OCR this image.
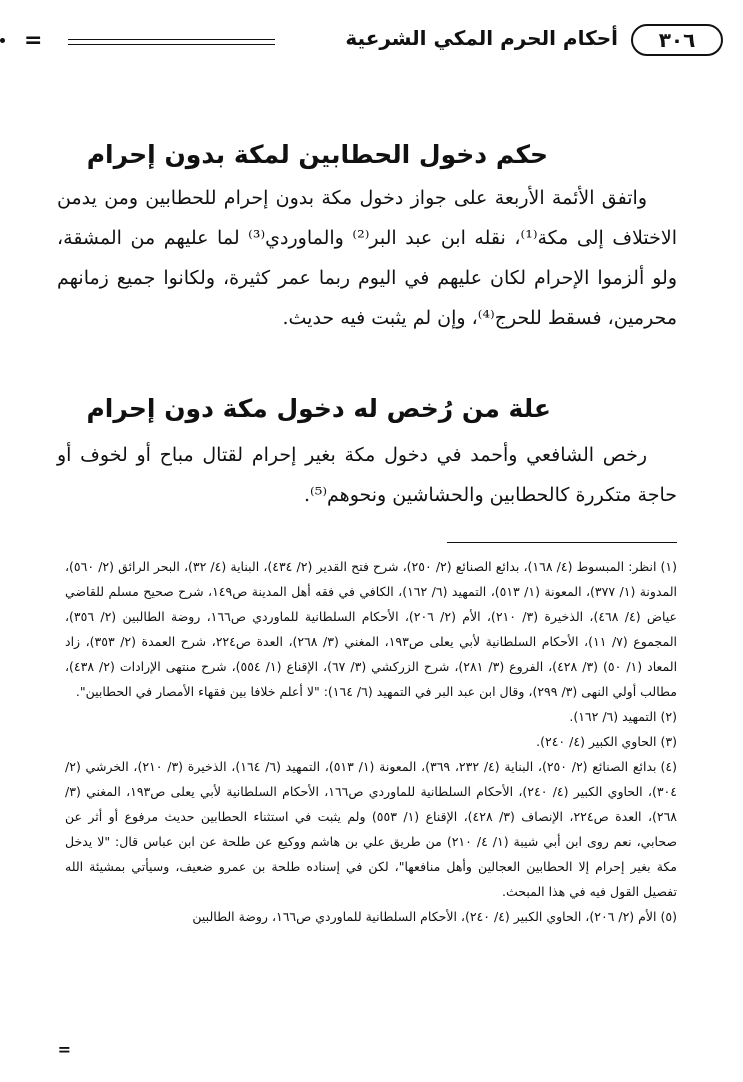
٣٠٦
أحكام الحرم المكي الشرعية
=
حكم دخول الحطابين لمكة بدون إحرام

واتفق الأئمة الأربعة على جواز دخول مكة بدون إحرام للحطابين ومن يدمن الاختلاف إلى مكة⁽¹⁾، نقله ابن عبد البر⁽²⁾ والماوردي⁽³⁾ لما عليهم من المشقة، ولو ألزموا الإحرام لكان عليهم في اليوم ربما عمر كثيرة، ولكانوا جميع زمانهم محرمين، فسقط للحرج⁽⁴⁾، وإن لم يثبت فيه حديث.

علة من رُخص له دخول مكة دون إحرام

رخص الشافعي وأحمد في دخول مكة بغير إحرام لقتال مباح أو لخوف أو حاجة متكررة كالحطابين والحشاشين ونحوهم⁽⁵⁾.

(١)انظر: المبسوط (٤/ ١٦٨)، بدائع الصنائع (٢/ ٢٥٠)، شرح فتح القدير (٢/ ٤٣٤)، البناية (٤/ ٣٢)، البحر الرائق (٢/ ٥٦٠)، المدونة (١/ ٣٧٧)، المعونة (١/ ٥١٣)، التمهيد (٦/ ١٦٢)، الكافي في فقه أهل المدينة ص١٤٩، شرح صحيح مسلم للقاضي عياض (٤/ ٤٦٨)، الذخيرة (٣/ ٢١٠)، الأم (٢/ ٢٠٦)، الأحكام السلطانية للماوردي ص١٦٦، روضة الطالبين (٢/ ٣٥٦)، المجموع (٧/ ١١)، الأحكام السلطانية لأبي يعلى ص١٩٣، المغني (٣/ ٢٦٨)، العدة ص٢٢٤، شرح العمدة (٢/ ٣٥٣)، زاد المعاد (١/ ٥٠) (٣/ ٤٢٨)، الفروع (٣/ ٢٨١)، شرح الزركشي (٣/ ٦٧)، الإقناع (١/ ٥٥٤)، شرح منتهى الإرادات (٢/ ٤٣٨)، مطالب أولي النهى (٣/ ٢٩٩)، وقال ابن عبد البر في التمهيد (٦/ ١٦٤): "لا أعلم خلافا بين فقهاء الأمصار في الحطابين".

(٢)التمهيد (٦/ ١٦٢).

(٣)الحاوي الكبير (٤/ ٢٤٠).

(٤)بدائع الصنائع (٢/ ٢٥٠)، البناية (٤/ ٢٣٢، ٣٦٩)، المعونة (١/ ٥١٣)، التمهيد (٦/ ١٦٤)، الذخيرة (٣/ ٢١٠)، الخرشي (٢/ ٣٠٤)، الحاوي الكبير (٤/ ٢٤٠)، الأحكام السلطانية للماوردي ص١٦٦، الأحكام السلطانية لأبي يعلى ص١٩٣، المغني (٣/ ٢٦٨)، العدة ص٢٢٤، الإنصاف (٣/ ٤٢٨)، الإقناع (١/ ٥٥٣) ولم يثبت في استثناء الحطابين حديث مرفوع أو أثر عن صحابي، نعم روى ابن أبي شيبة (١/ ٤/ ٢١٠) من طريق علي بن هاشم ووكيع عن طلحة عن ابن عباس قال: "لا يدخل مكة بغير إحرام إلا الحطابين العجالين وأهل منافعها"، لكن في إسناده طلحة بن عمرو ضعيف، وسيأتي بمشيئة الله تفصيل القول فيه في هذا المبحث.

(٥)الأم (٢/ ٢٠٦)، الحاوي الكبير (٤/ ٢٤٠)، الأحكام السلطانية للماوردي ص١٦٦، روضة الطالبين

=
